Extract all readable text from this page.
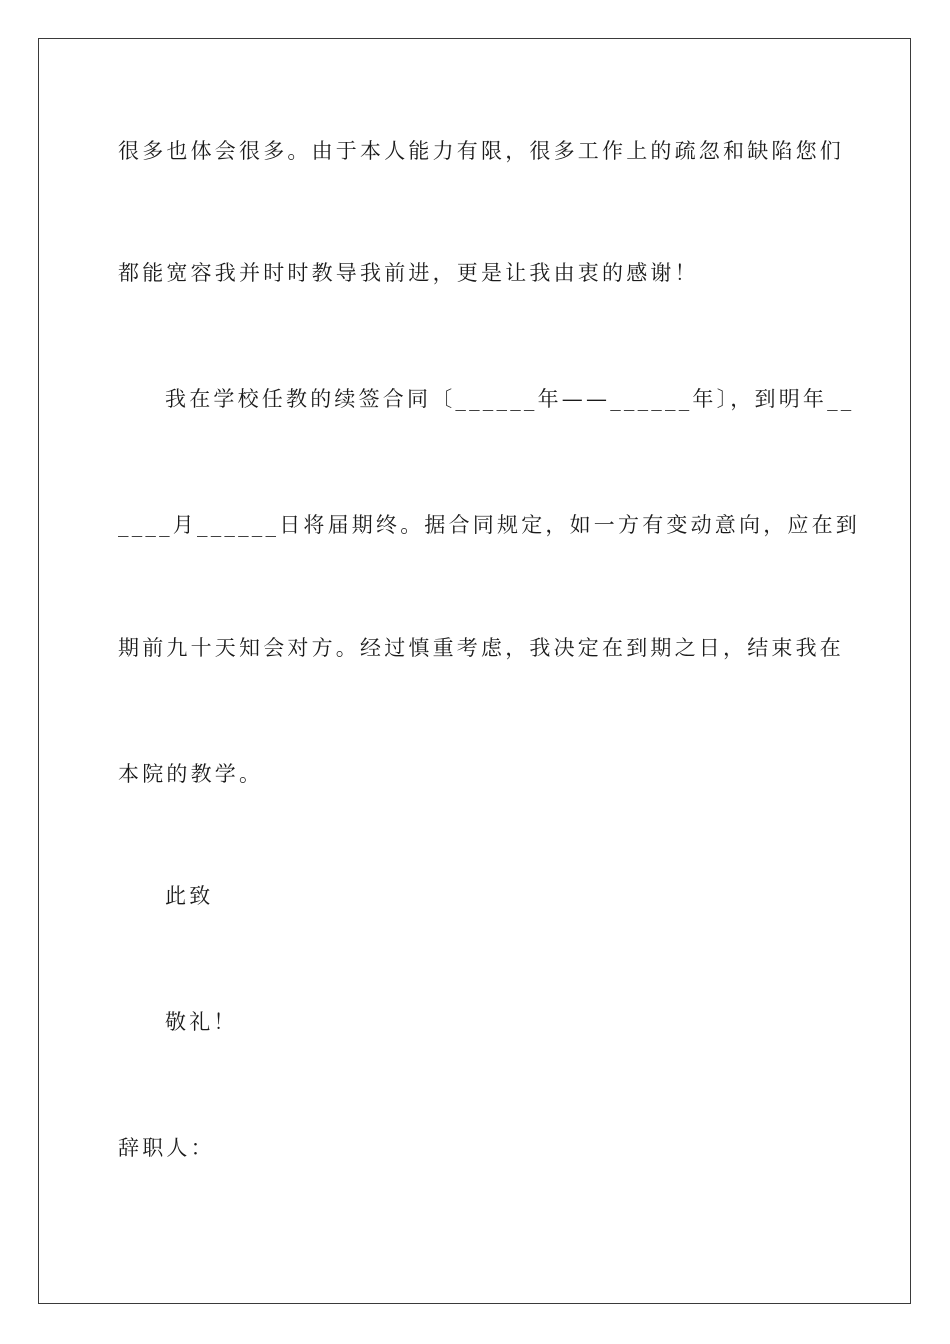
很多也体会很多。由于本人能力有限，很多工作上的疏忽和缺陷您们
都能宽容我并时时教导我前进，更是让我由衷的感谢！
我在学校任教的续签合同〔______年——______年〕，到明年__
____月______日将届期终。据合同规定，如一方有变动意向，应在到
期前九十天知会对方。经过慎重考虑，我决定在到期之日，结束我在
本院的教学。
此致
敬礼！
辞职人：
